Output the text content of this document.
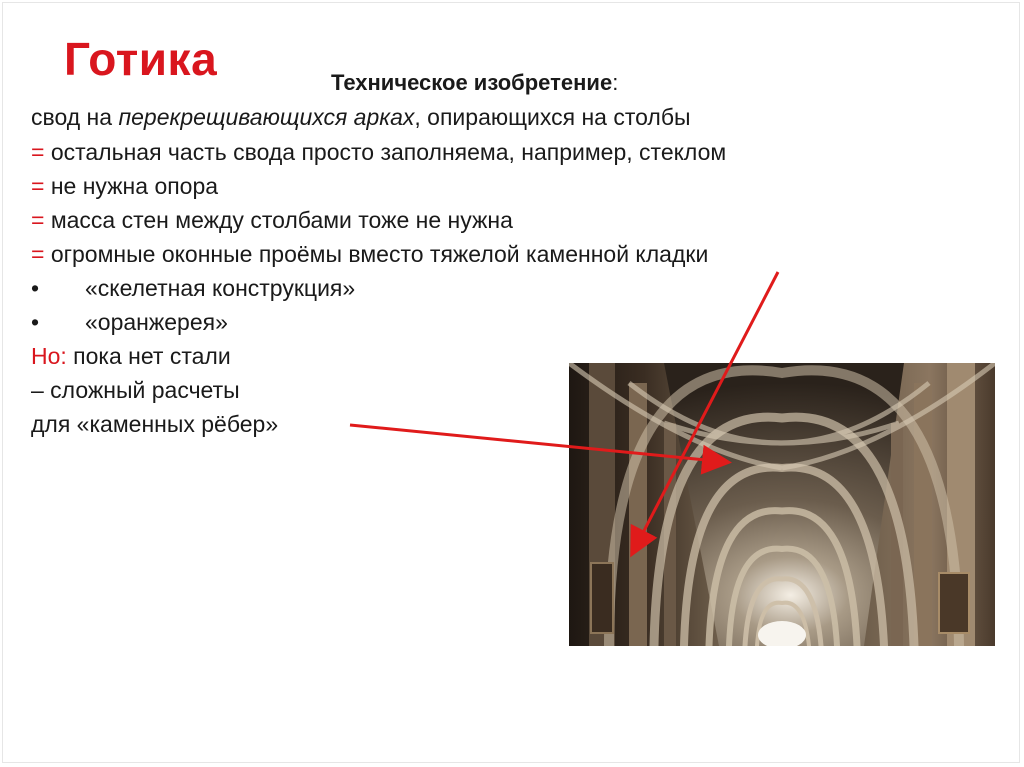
Готика	Техническое изобретение:
свод на перекрещивающихся арках, опирающихся на столбы
= остальная часть свода просто заполняема, например, стеклом
= не нужна опора
= масса стен между столбами тоже не нужна
= огромные оконные проёмы вместо тяжелой каменной кладки
• «скелетная конструкция»
• «оранжерея»
Но: пока нет стали
– сложный расчеты
для «каменных рёбер»
